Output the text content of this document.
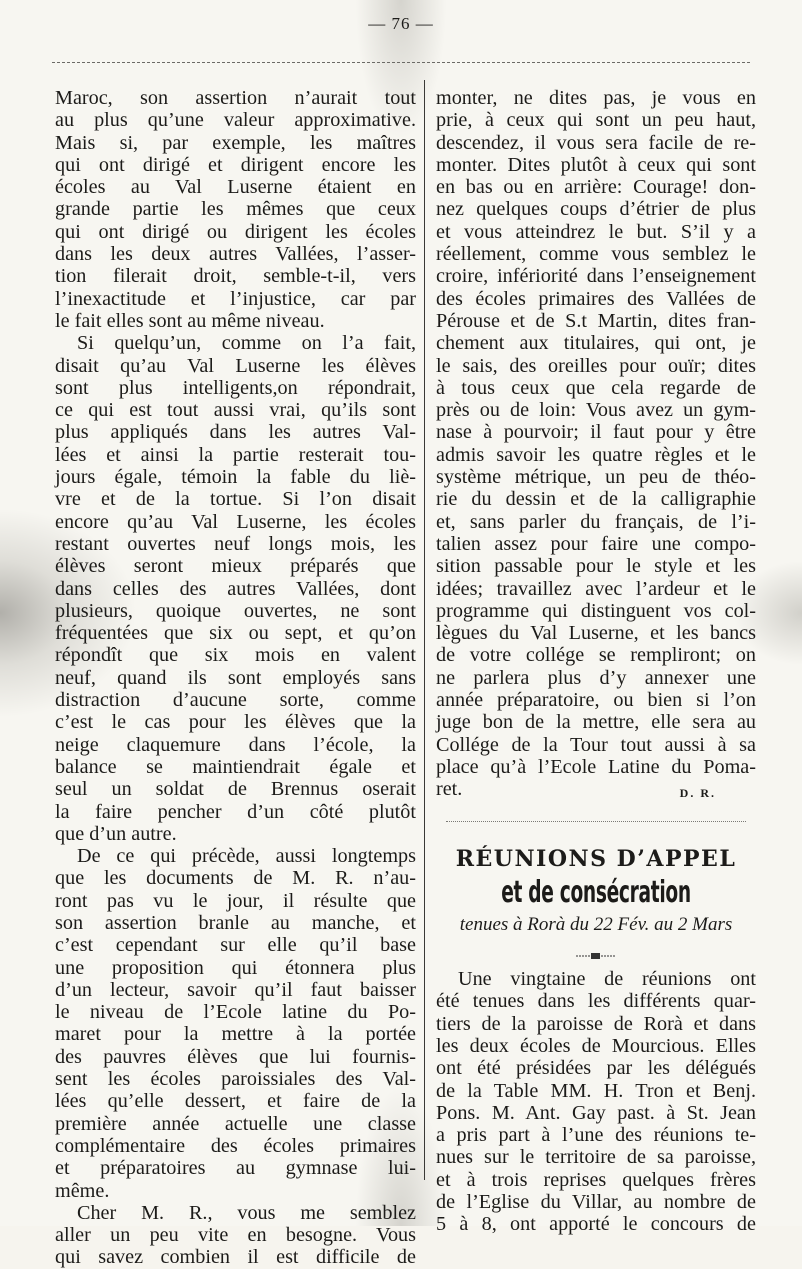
— 76 —
Maroc, son assertion n’aurait tout
au plus qu’une valeur approximative.
Mais si, par exemple, les maîtres
qui ont dirigé et dirigent encore les
écoles au Val Luserne étaient en
grande partie les mêmes que ceux
qui ont dirigé ou dirigent les écoles
dans les deux autres Vallées, l’asser-
tion filerait droit, semble-t-il, vers
l’inexactitude et l’injustice, car par
le fait elles sont au même niveau.
Si quelqu’un, comme on l’a fait,
disait qu’au Val Luserne les élèves
sont plus intelligents,on répondrait,
ce qui est tout aussi vrai, qu’ils sont
plus appliqués dans les autres Val-
lées et ainsi la partie resterait tou-
jours égale, témoin la fable du liè-
vre et de la tortue. Si l’on disait
encore qu’au Val Luserne, les écoles
restant ouvertes neuf longs mois, les
élèves seront mieux préparés que
dans celles des autres Vallées, dont
plusieurs, quoique ouvertes, ne sont
fréquentées que six ou sept, et qu’on
répondît que six mois en valent
neuf, quand ils sont employés sans
distraction d’aucune sorte, comme
c’est le cas pour les élèves que la
neige claquemure dans l’école, la
balance se maintiendrait égale et
seul un soldat de Brennus oserait
la faire pencher d’un côté plutôt
que d’un autre.
De ce qui précède, aussi longtemps
que les documents de M. R. n’au-
ront pas vu le jour, il résulte que
son assertion branle au manche, et
c’est cependant sur elle qu’il base
une proposition qui étonnera plus
d’un lecteur, savoir qu’il faut baisser
le niveau de l’Ecole latine du Po-
maret pour la mettre à la portée
des pauvres élèves que lui fournis-
sent les écoles paroissiales des Val-
lées qu’elle dessert, et faire de la
première année actuelle une classe
complémentaire des écoles primaires
et préparatoires au gymnase lui-
même.
Cher M. R., vous me semblez
aller un peu vite en besogne. Vous
qui savez combien il est difficile de
monter, ne dites pas, je vous en
prie, à ceux qui sont un peu haut,
descendez, il vous sera facile de re-
monter. Dites plutôt à ceux qui sont
en bas ou en arrière: Courage! don-
nez quelques coups d’étrier de plus
et vous atteindrez le but. S’il y a
réellement, comme vous semblez le
croire, infériorité dans l’enseignement
des écoles primaires des Vallées de
Pérouse et de S.t Martin, dites fran-
chement aux titulaires, qui ont, je
le sais, des oreilles pour ouïr; dites
à tous ceux que cela regarde de
près ou de loin: Vous avez un gym-
nase à pourvoir; il faut pour y être
admis savoir les quatre règles et le
système métrique, un peu de théo-
rie du dessin et de la calligraphie
et, sans parler du français, de l’i-
talien assez pour faire une compo-
sition passable pour le style et les
idées; travaillez avec l’ardeur et le
programme qui distinguent vos col-
lègues du Val Luserne, et les bancs
de votre collége se rempliront; on
ne parlera plus d’y annexer une
année préparatoire, ou bien si l’on
juge bon de la mettre, elle sera au
Collége de la Tour tout aussi à sa
place qu’à l’Ecole Latine du Poma-
ret.	D. R.
RÉUNIONS D’APPEL
et de consécration
tenues à Rorà du 22 Fév. au 2 Mars
Une vingtaine de réunions ont
été tenues dans les différents quar-
tiers de la paroisse de Rorà et dans
les deux écoles de Mourcious. Elles
ont été présidées par les délégués
de la Table MM. H. Tron et Benj.
Pons. M. Ant. Gay past. à St. Jean
a pris part à l’une des réunions te-
nues sur le territoire de sa paroisse,
et à trois reprises quelques frères
de l’Eglise du Villar, au nombre de
5 à 8, ont apporté le concours de
